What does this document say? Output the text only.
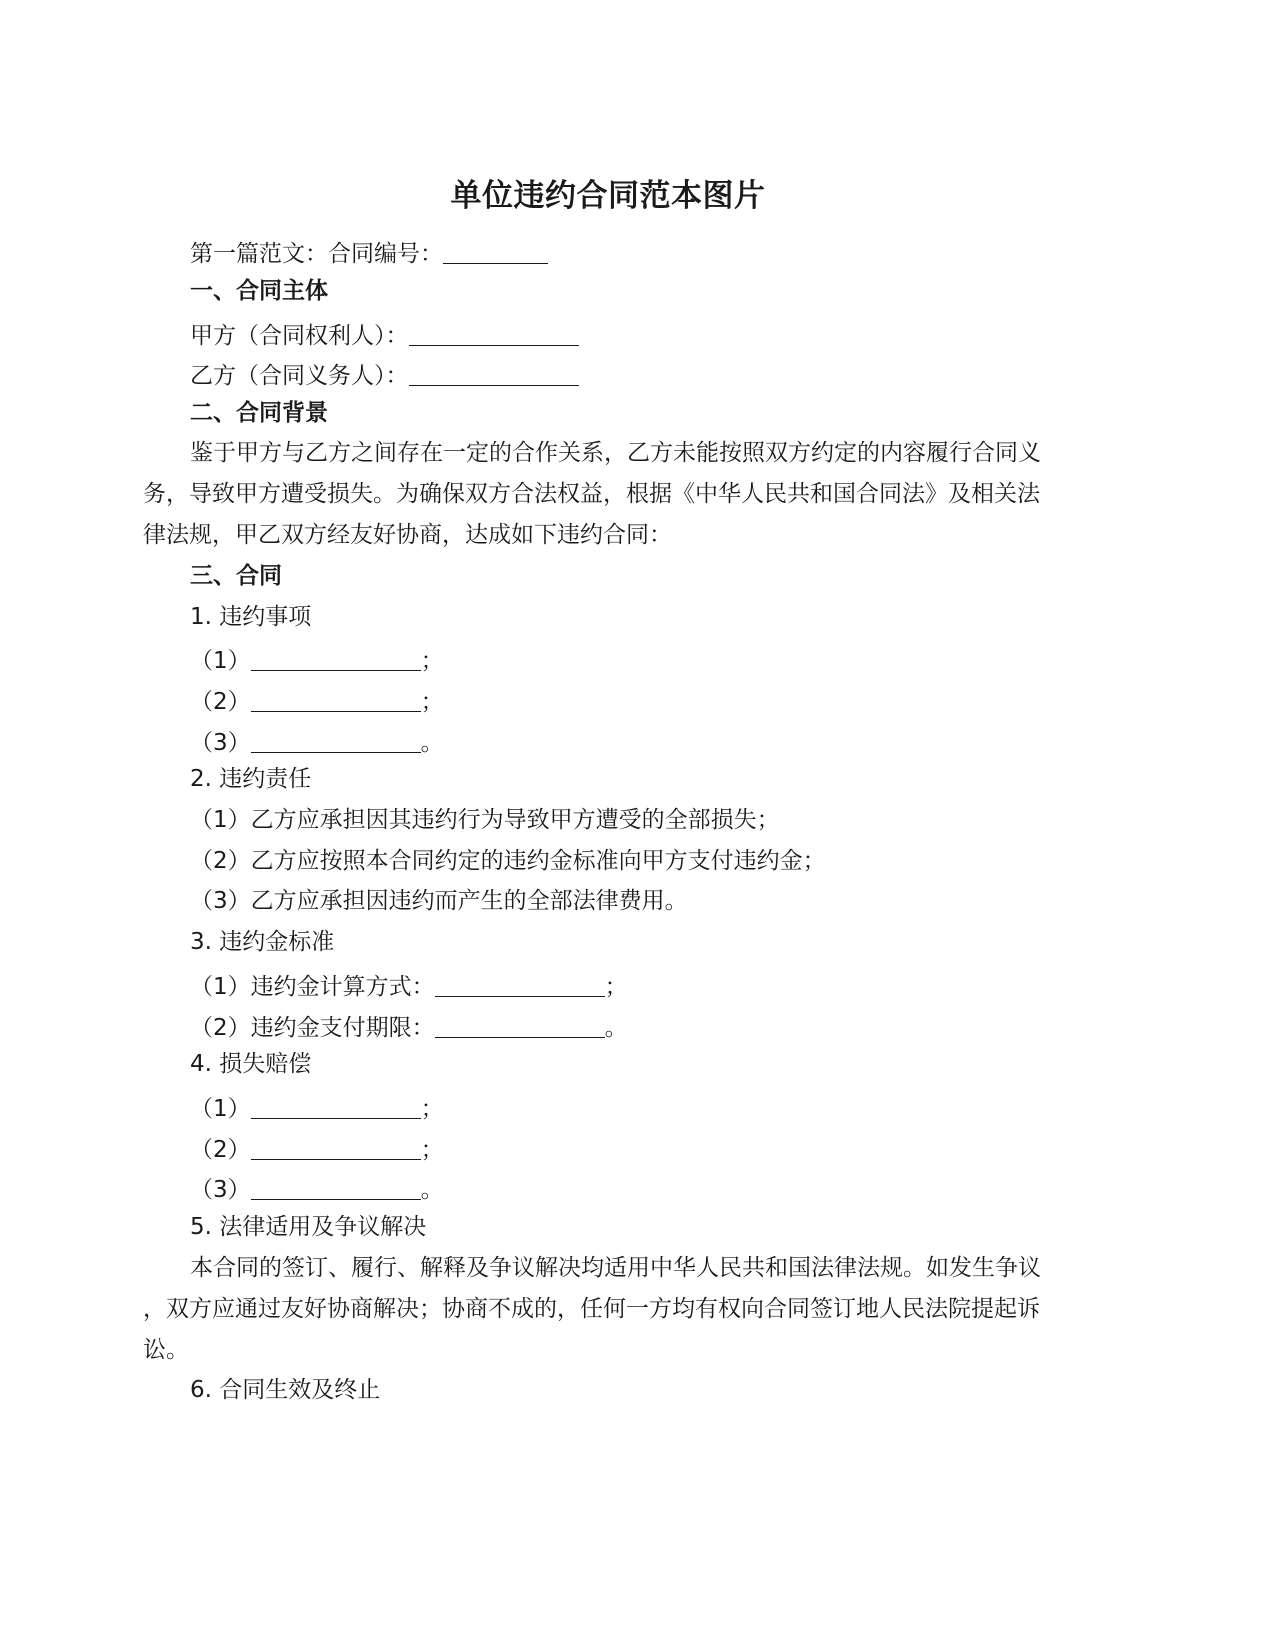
单位违约合同范本图片
第一篇范文：合同编号：
一、合同主体
甲方（合同权利人）：
乙方（合同义务人）：
二、合同背景

鉴于甲方与乙方之间存在一定的合作关系，乙方未能按照双方约定的内容履行合同义
务，导致甲方遭受损失。为确保双方合法权益，根据《中华人民共和国合同法》及相关法
律法规，甲乙双方经友好协商，达成如下违约合同：

三、合同
1. 违约事项
（1）	；
（2）	；
（3）	。
2. 违约责任
（1）乙方应承担因其违约行为导致甲方遭受的全部损失；
（2）乙方应按照本合同约定的违约金标准向甲方支付违约金；
（3）乙方应承担因违约而产生的全部法律费用。
3. 违约金标准
（1）违约金计算方式：	；
（2）违约金支付期限：	。
4. 损失赔偿
（1）	；
（2）	；
（3）	。
5. 法律适用及争议解决

本合同的签订、履行、解释及争议解决均适用中华人民共和国法律法规。如发生争议
，双方应通过友好协商解决；协商不成的，任何一方均有权向合同签订地人民法院提起诉
讼。

6. 合同生效及终止
